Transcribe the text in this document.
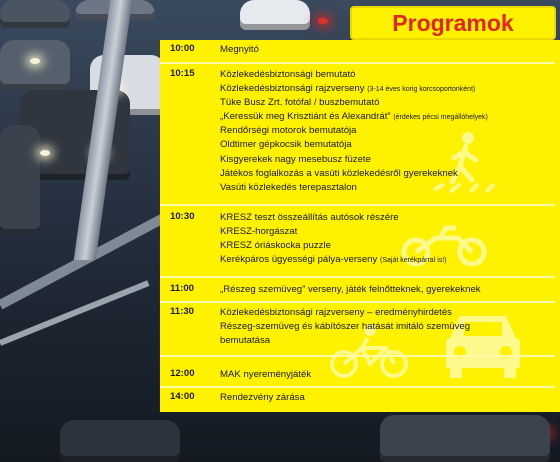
Programok
10:00	Megnyitó
10:15	Közlekedésbiztonsági bemutató
Közlekedésbiztonsági rajzverseny (3-14 éves korig korcsoportonként)
Tüke Busz Zrt. fotófal / buszbemutató
„Keressük meg Krisztiánt és Alexandrát” (érdekes pécsi megállóhelyek)
Rendőrségi motorok bemutatója
Oldtimer gépkocsik bemutatója
Kisgyerekek nagy mesebusz füzete
Játékos foglalkozás a vasúti közlekedésről gyerekeknek
Vasúti közlekedés terepasztalon
10:30	KRESZ teszt összeállítás autósok részére
KRESZ-horgászat
KRESZ óriáskocka puzzle
Kerékpáros ügyességi pálya-verseny (Saját kerékpárral is!)
11:00	„Részeg szemüveg” verseny, játék felnőtteknek, gyerekeknek
11:30	Közlekedésbiztonsági rajzverseny – eredményhirdetés
Részeg-szemüveg és kábítószer hatását imitáló szemüveg
bemutatása
12:00	MAK nyereményjáték
14:00	Rendezvény zárása
